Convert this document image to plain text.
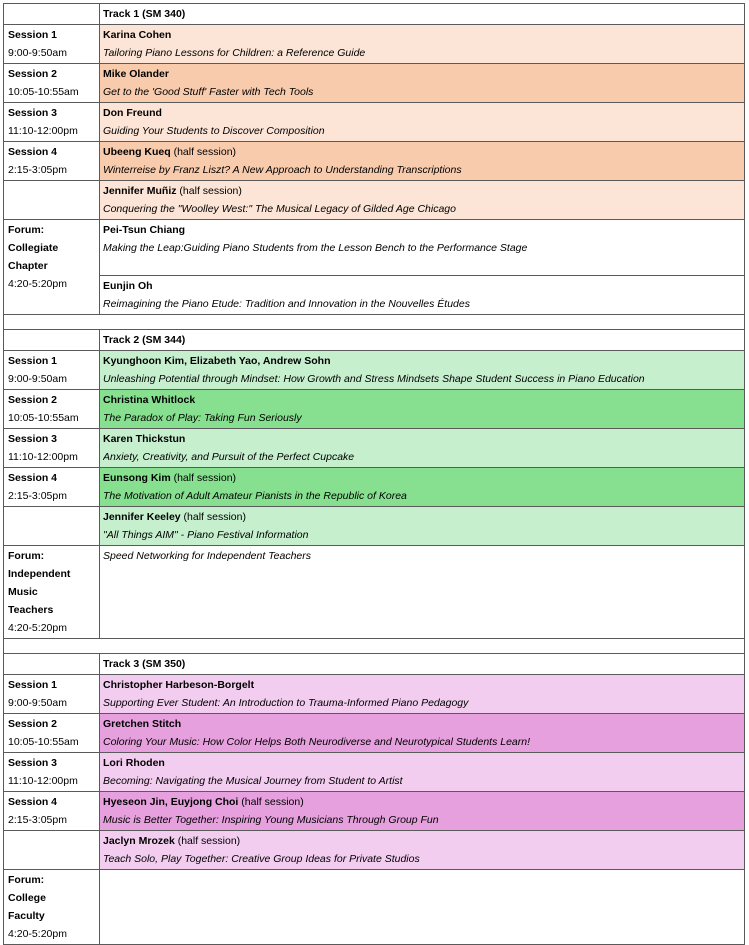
Track 1 (SM 340)
Session 1
9:00-9:50am
Karina Cohen
Tailoring Piano Lessons for Children: a Reference Guide
Session 2
10:05-10:55am
Mike Olander
Get to the 'Good Stuff' Faster with Tech Tools
Session 3
11:10-12:00pm
Don Freund
Guiding Your Students to Discover Composition
Session 4
2:15-3:05pm
Ubeeng Kueq (half session)
Winterreise by Franz Liszt? A New Approach to Understanding Transcriptions
Jennifer Muñiz (half session)
Conquering the "Woolley West:" The Musical Legacy of Gilded Age Chicago
Forum:
Collegiate
Chapter
4:20-5:20pm
Pei-Tsun Chiang
Making the Leap:Guiding Piano Students from the Lesson Bench to the Performance Stage
Eunjin Oh
Reimagining the Piano Etude: Tradition and Innovation in the Nouvelles Études
Track 2 (SM 344)
Session 1
9:00-9:50am
Kyunghoon Kim, Elizabeth Yao, Andrew Sohn
Unleashing Potential through Mindset: How Growth and Stress Mindsets Shape Student Success in Piano Education
Session 2
10:05-10:55am
Christina Whitlock
The Paradox of Play: Taking Fun Seriously
Session 3
11:10-12:00pm
Karen Thickstun
Anxiety, Creativity, and Pursuit of the Perfect Cupcake
Session 4
2:15-3:05pm
Eunsong Kim (half session)
The Motivation of Adult Amateur Pianists in the Republic of Korea
Jennifer Keeley (half session)
"All Things AIM" - Piano Festival Information
Forum:
Independent
Music
Teachers
4:20-5:20pm
Speed Networking for Independent Teachers
Track 3 (SM 350)
Session 1
9:00-9:50am
Christopher Harbeson-Borgelt
Supporting Ever Student: An Introduction to Trauma-Informed Piano Pedagogy
Session 2
10:05-10:55am
Gretchen Stitch
Coloring Your Music: How Color Helps Both Neurodiverse and Neurotypical Students Learn!
Session 3
11:10-12:00pm
Lori Rhoden
Becoming: Navigating the Musical Journey from Student to Artist
Session 4
2:15-3:05pm
Hyeseon Jin, Euyjong Choi (half session)
Music is Better Together: Inspiring Young Musicians Through Group Fun
Jaclyn Mrozek (half session)
Teach Solo, Play Together: Creative Group Ideas for Private Studios
Forum:
College
Faculty
4:20-5:20pm
